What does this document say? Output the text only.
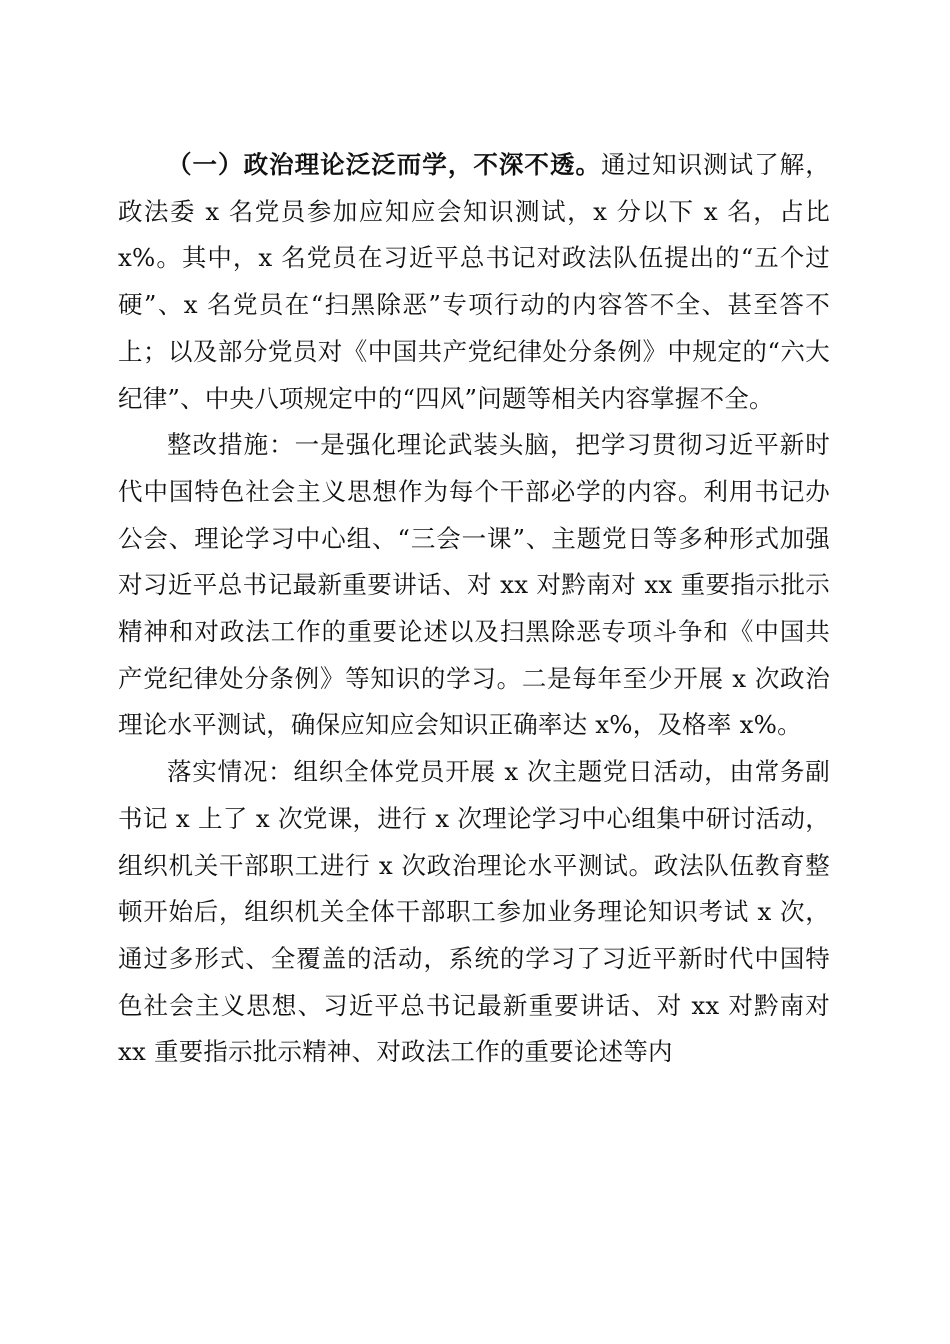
（一）政治理论泛泛而学，不深不透。通过知识测试了解，政法委 x 名党员参加应知应会知识测试，x 分以下 x 名，占比 x%。其中，x 名党员在习近平总书记对政法队伍提出的“五个过硬”、x 名党员在“扫黑除恶”专项行动的内容答不全、甚至答不上；以及部分党员对《中国共产党纪律处分条例》中规定的“六大纪律”、中央八项规定中的“四风”问题等相关内容掌握不全。

整改措施：一是强化理论武装头脑，把学习贯彻习近平新时代中国特色社会主义思想作为每个干部必学的内容。利用书记办公会、理论学习中心组、“三会一课”、主题党日等多种形式加强对习近平总书记最新重要讲话、对 xx 对黔南对 xx 重要指示批示精神和对政法工作的重要论述以及扫黑除恶专项斗争和《中国共产党纪律处分条例》等知识的学习。二是每年至少开展 x 次政治理论水平测试，确保应知应会知识正确率达 x%，及格率 x%。

落实情况：组织全体党员开展 x 次主题党日活动，由常务副书记 x 上了 x 次党课，进行 x 次理论学习中心组集中研讨活动，组织机关干部职工进行 x 次政治理论水平测试。政法队伍教育整顿开始后，组织机关全体干部职工参加业务理论知识考试 x 次，通过多形式、全覆盖的活动，系统的学习了习近平新时代中国特色社会主义思想、习近平总书记最新重要讲话、对 xx 对黔南对 xx 重要指示批示精神、对政法工作的重要论述等内
